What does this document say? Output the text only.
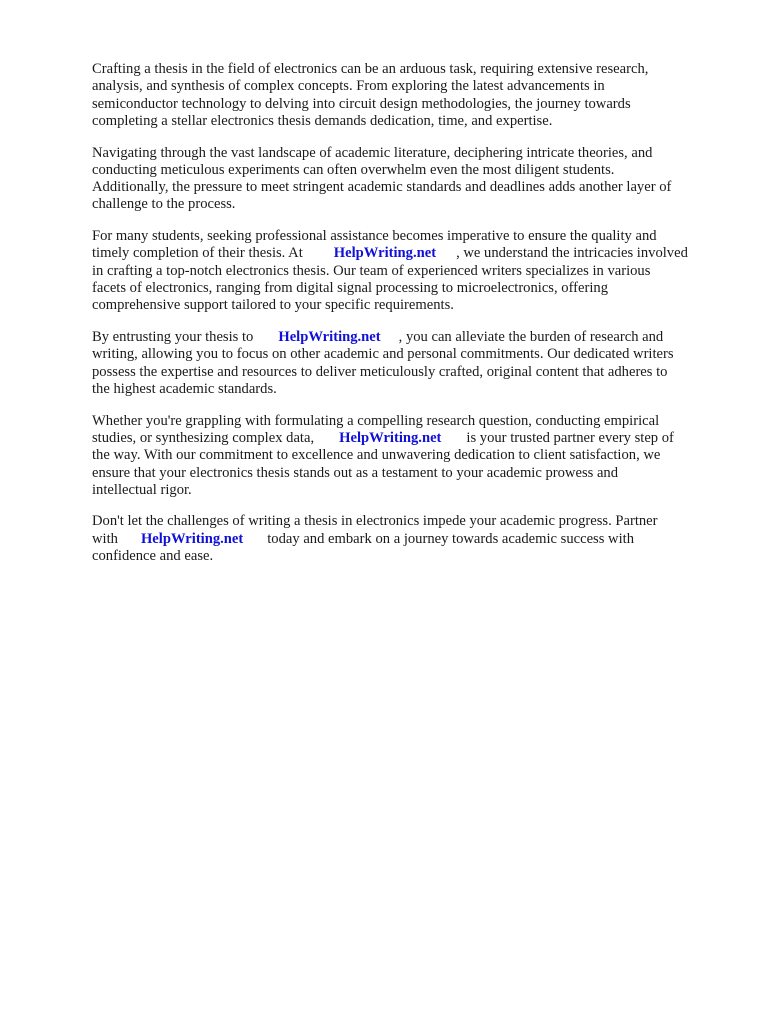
Crafting a thesis in the field of electronics can be an arduous task, requiring extensive research,
analysis, and synthesis of complex concepts. From exploring the latest advancements in
semiconductor technology to delving into circuit design methodologies, the journey towards
completing a stellar electronics thesis demands dedication, time, and expertise.

Navigating through the vast landscape of academic literature, deciphering intricate theories, and
conducting meticulous experiments can often overwhelm even the most diligent students.
Additionally, the pressure to meet stringent academic standards and deadlines adds another layer of
challenge to the process.

For many students, seeking professional assistance becomes imperative to ensure the quality and
timely completion of their thesis. At HelpWriting.net , we understand the intricacies involved
in crafting a top-notch electronics thesis. Our team of experienced writers specializes in various
facets of electronics, ranging from digital signal processing to microelectronics, offering
comprehensive support tailored to your specific requirements.

By entrusting your thesis to HelpWriting.net , you can alleviate the burden of research and
writing, allowing you to focus on other academic and personal commitments. Our dedicated writers
possess the expertise and resources to deliver meticulously crafted, original content that adheres to
the highest academic standards.

Whether you're grappling with formulating a compelling research question, conducting empirical
studies, or synthesizing complex data, HelpWriting.net is your trusted partner every step of
the way. With our commitment to excellence and unwavering dedication to client satisfaction, we
ensure that your electronics thesis stands out as a testament to your academic prowess and
intellectual rigor.

Don't let the challenges of writing a thesis in electronics impede your academic progress. Partner
with HelpWriting.net today and embark on a journey towards academic success with
confidence and ease.
